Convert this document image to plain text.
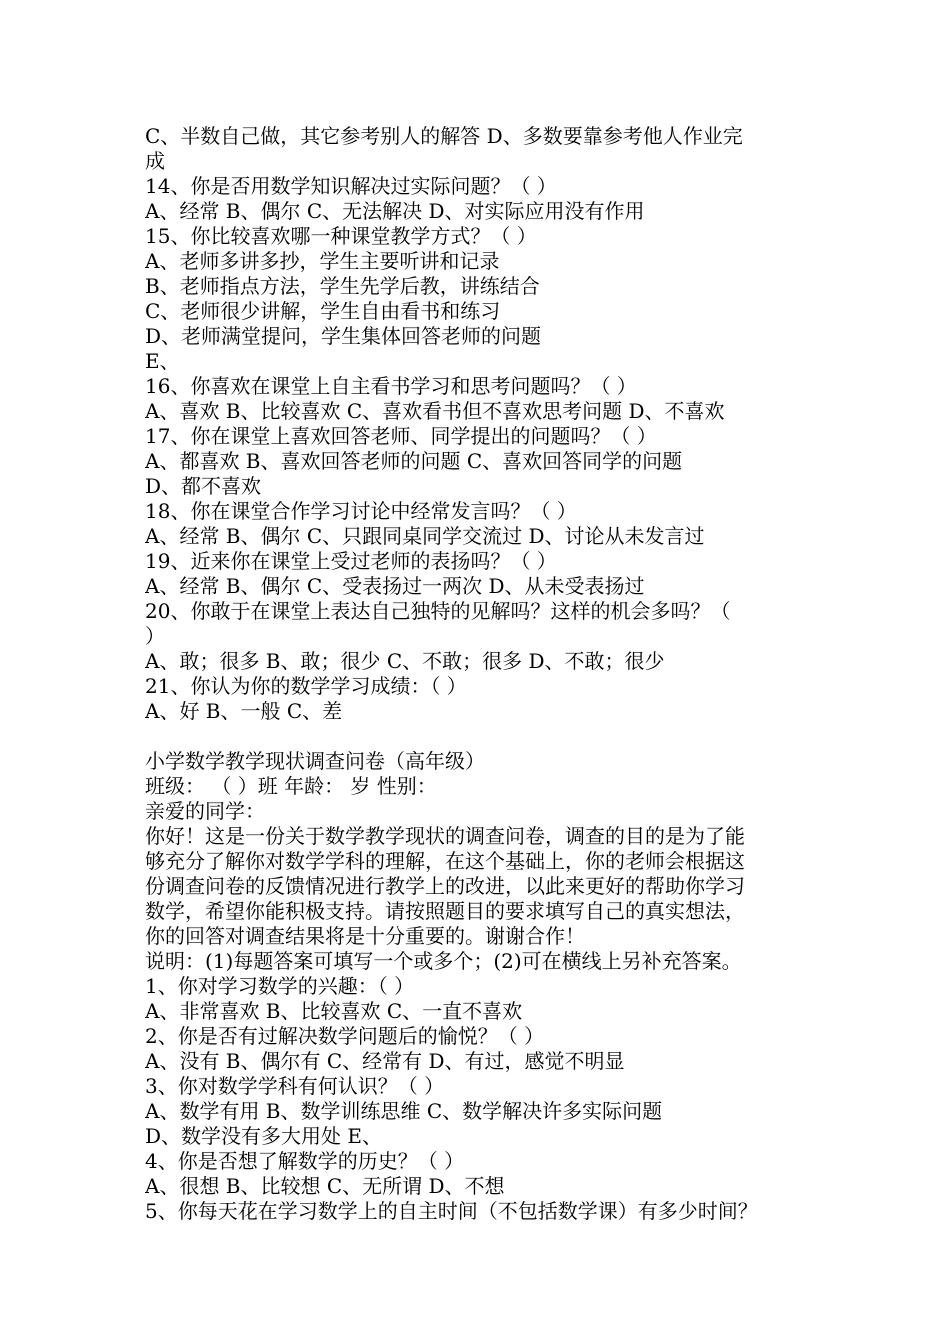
C、半数自己做，其它参考别人的解答 D、多数要靠参考他人作业完
成
14、你是否用数学知识解决过实际问题？（ ）
A、经常 B、偶尔 C、无法解决 D、对实际应用没有作用
15、你比较喜欢哪一种课堂教学方式？（ ）
A、老师多讲多抄，学生主要听讲和记录
B、老师指点方法，学生先学后教，讲练结合
C、老师很少讲解，学生自由看书和练习
D、老师满堂提问，学生集体回答老师的问题
E、
16、你喜欢在课堂上自主看书学习和思考问题吗？（ ）
A、喜欢 B、比较喜欢 C、喜欢看书但不喜欢思考问题 D、不喜欢
17、你在课堂上喜欢回答老师、同学提出的问题吗？（ ）
A、都喜欢 B、喜欢回答老师的问题 C、喜欢回答同学的问题
D、都不喜欢
18、你在课堂合作学习讨论中经常发言吗？（ ）
A、经常 B、偶尔 C、只跟同桌同学交流过 D、讨论从未发言过
19、近来你在课堂上受过老师的表扬吗？（ ）
A、经常 B、偶尔 C、受表扬过一两次 D、从未受表扬过
20、你敢于在课堂上表达自己独特的见解吗？这样的机会多吗？（
）
A、敢；很多 B、敢；很少 C、不敢；很多 D、不敢；很少
21、你认为你的数学学习成绩：（ ）
A、好 B、一般 C、差
小学数学教学现状调查问卷（高年级）
班级： （ ）班 年龄： 岁 性别：
亲爱的同学：
你好！这是一份关于数学教学现状的调查问卷，调查的目的是为了能
够充分了解你对数学学科的理解，在这个基础上，你的老师会根据这
份调查问卷的反馈情况进行教学上的改进，以此来更好的帮助你学习
数学，希望你能积极支持。请按照题目的要求填写自己的真实想法，
你的回答对调查结果将是十分重要的。谢谢合作！
说明：(1)每题答案可填写一个或多个；(2)可在横线上另补充答案。
1、你对学习数学的兴趣：（ ）
A、非常喜欢 B、比较喜欢 C、一直不喜欢
2、你是否有过解决数学问题后的愉悦？（ ）
A、没有 B、偶尔有 C、经常有 D、有过，感觉不明显
3、你对数学学科有何认识？（ ）
A、数学有用 B、数学训练思维 C、数学解决许多实际问题
D、数学没有多大用处 E、
4、你是否想了解数学的历史？（ ）
A、很想 B、比较想 C、无所谓 D、不想
5、你每天花在学习数学上的自主时间（不包括数学课）有多少时间？
